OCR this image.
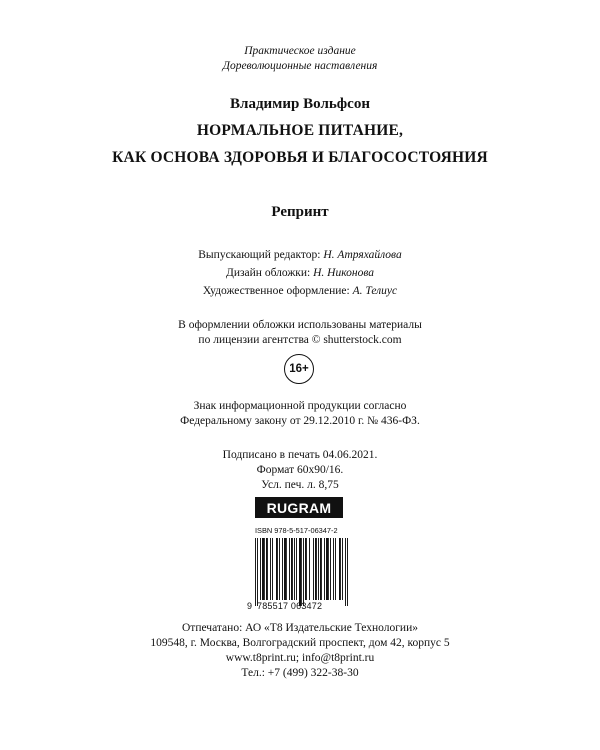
Практическое издание
Дореволюционные наставления
Владимир Вольфсон
НОРМАЛЬНОЕ ПИТАНИЕ,
КАК ОСНОВА ЗДОРОВЬЯ И БЛАГОСОСТОЯНИЯ
Репринт
Выпускающий редактор: Н. Атряхайлова
Дизайн обложки: Н. Никонова
Художественное оформление: А. Телиус
В оформлении обложки использованы материалы
по лицензии агентства © shutterstock.com
16+
Знак информационной продукции согласно
Федеральному закону от 29.12.2010 г. № 436-ФЗ.
Подписано в печать 04.06.2021.
Формат 60х90/16.
Усл. печ. л. 8,75
RUGRAM
ISBN 978-5-517-06347-2
9 785517 063472
Отпечатано: АО «Т8 Издательские Технологии»
109548, г. Москва, Волгоградский проспект, дом 42, корпус 5
www.t8print.ru; info@t8print.ru
Тел.: +7 (499) 322-38-30
